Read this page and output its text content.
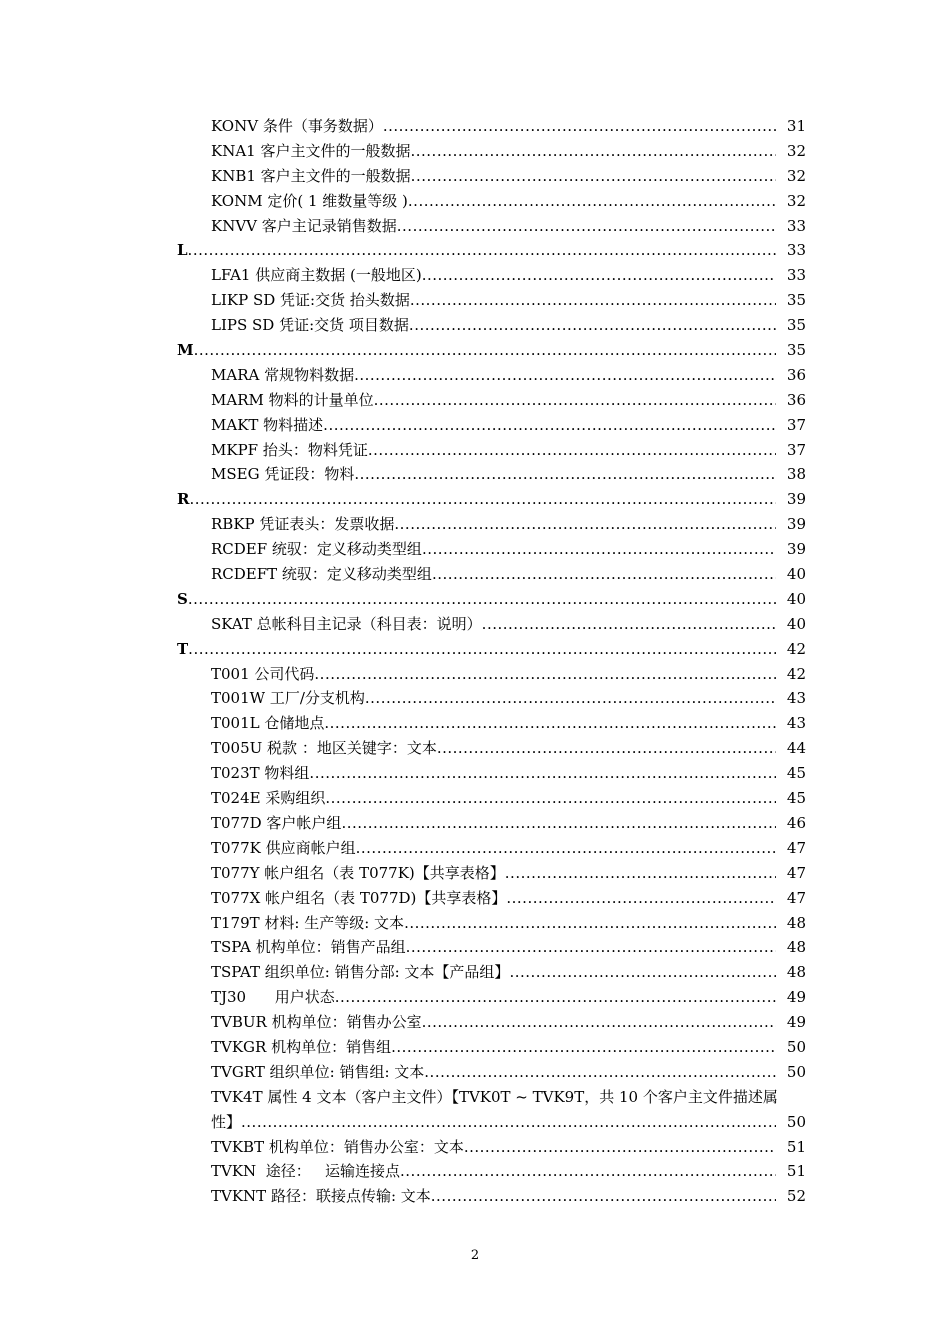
KONV 条件（事务数据） .....	31
KNA1 客户主文件的一般数据 .....	32
KNB1 客户主文件的一般数据 .....	32
KONM 定价( 1 维数量等级 ) .....	32
KNVV 客户主记录销售数据 .....	33
L .....	33
LFA1 供应商主数据 (一般地区) .....	33
LIKP SD 凭证:交货 抬头数据 .....	35
LIPS SD 凭证:交货 项目数据 .....	35
M .....	35
MARA 常规物料数据 .....	36
MARM 物料的计量单位 .....	36
MAKT 物料描述 .....	37
MKPF 抬头：物料凭证 .....	37
MSEG 凭证段：物料 .....	38
R .....	39
RBKP 凭证表头：发票收据 .....	39
RCDEF 统驭：定义移动类型组 .....	39
RCDEFT 统驭：定义移动类型组 .....	40
S .....	40
SKAT 总帐科目主记录（科目表：说明） .....	40
T .....	42
T001 公司代码 .....	42
T001W 工厂/分支机构 .....	43
T001L 仓储地点 .....	43
T005U 税款 ：地区关键字：文本 .....	44
T023T 物料组 .....	45
T024E 采购组织 .....	45
T077D 客户帐户组 .....	46
T077K 供应商帐户组 .....	47
T077Y 帐户组名（表 T077K)【共享表格】 .....	47
T077X 帐户组名（表 T077D)【共享表格】 .....	47
T179T 材料: 生产等级: 文本 .....	48
TSPA 机构单位：销售产品组 .....	48
TSPAT 组织单位: 销售分部: 文本【产品组】 .....	48
TJ30      用户状态 .....	49
TVBUR 机构单位：销售办公室 .....	49
TVKGR 机构单位：销售组 .....	50
TVGRT 组织单位: 销售组: 文本 .....	50
TVK4T 属性 4 文本（客户主文件）【TVK0T ~ TVK9T，共 10 个客户主文件描述属
性】 .....	50
TVKBT 机构单位：销售办公室：文本 .....	51
TVKN  途径：   运输连接点 .....	51
TVKNT 路径：联接点传输: 文本 .....	52
2
